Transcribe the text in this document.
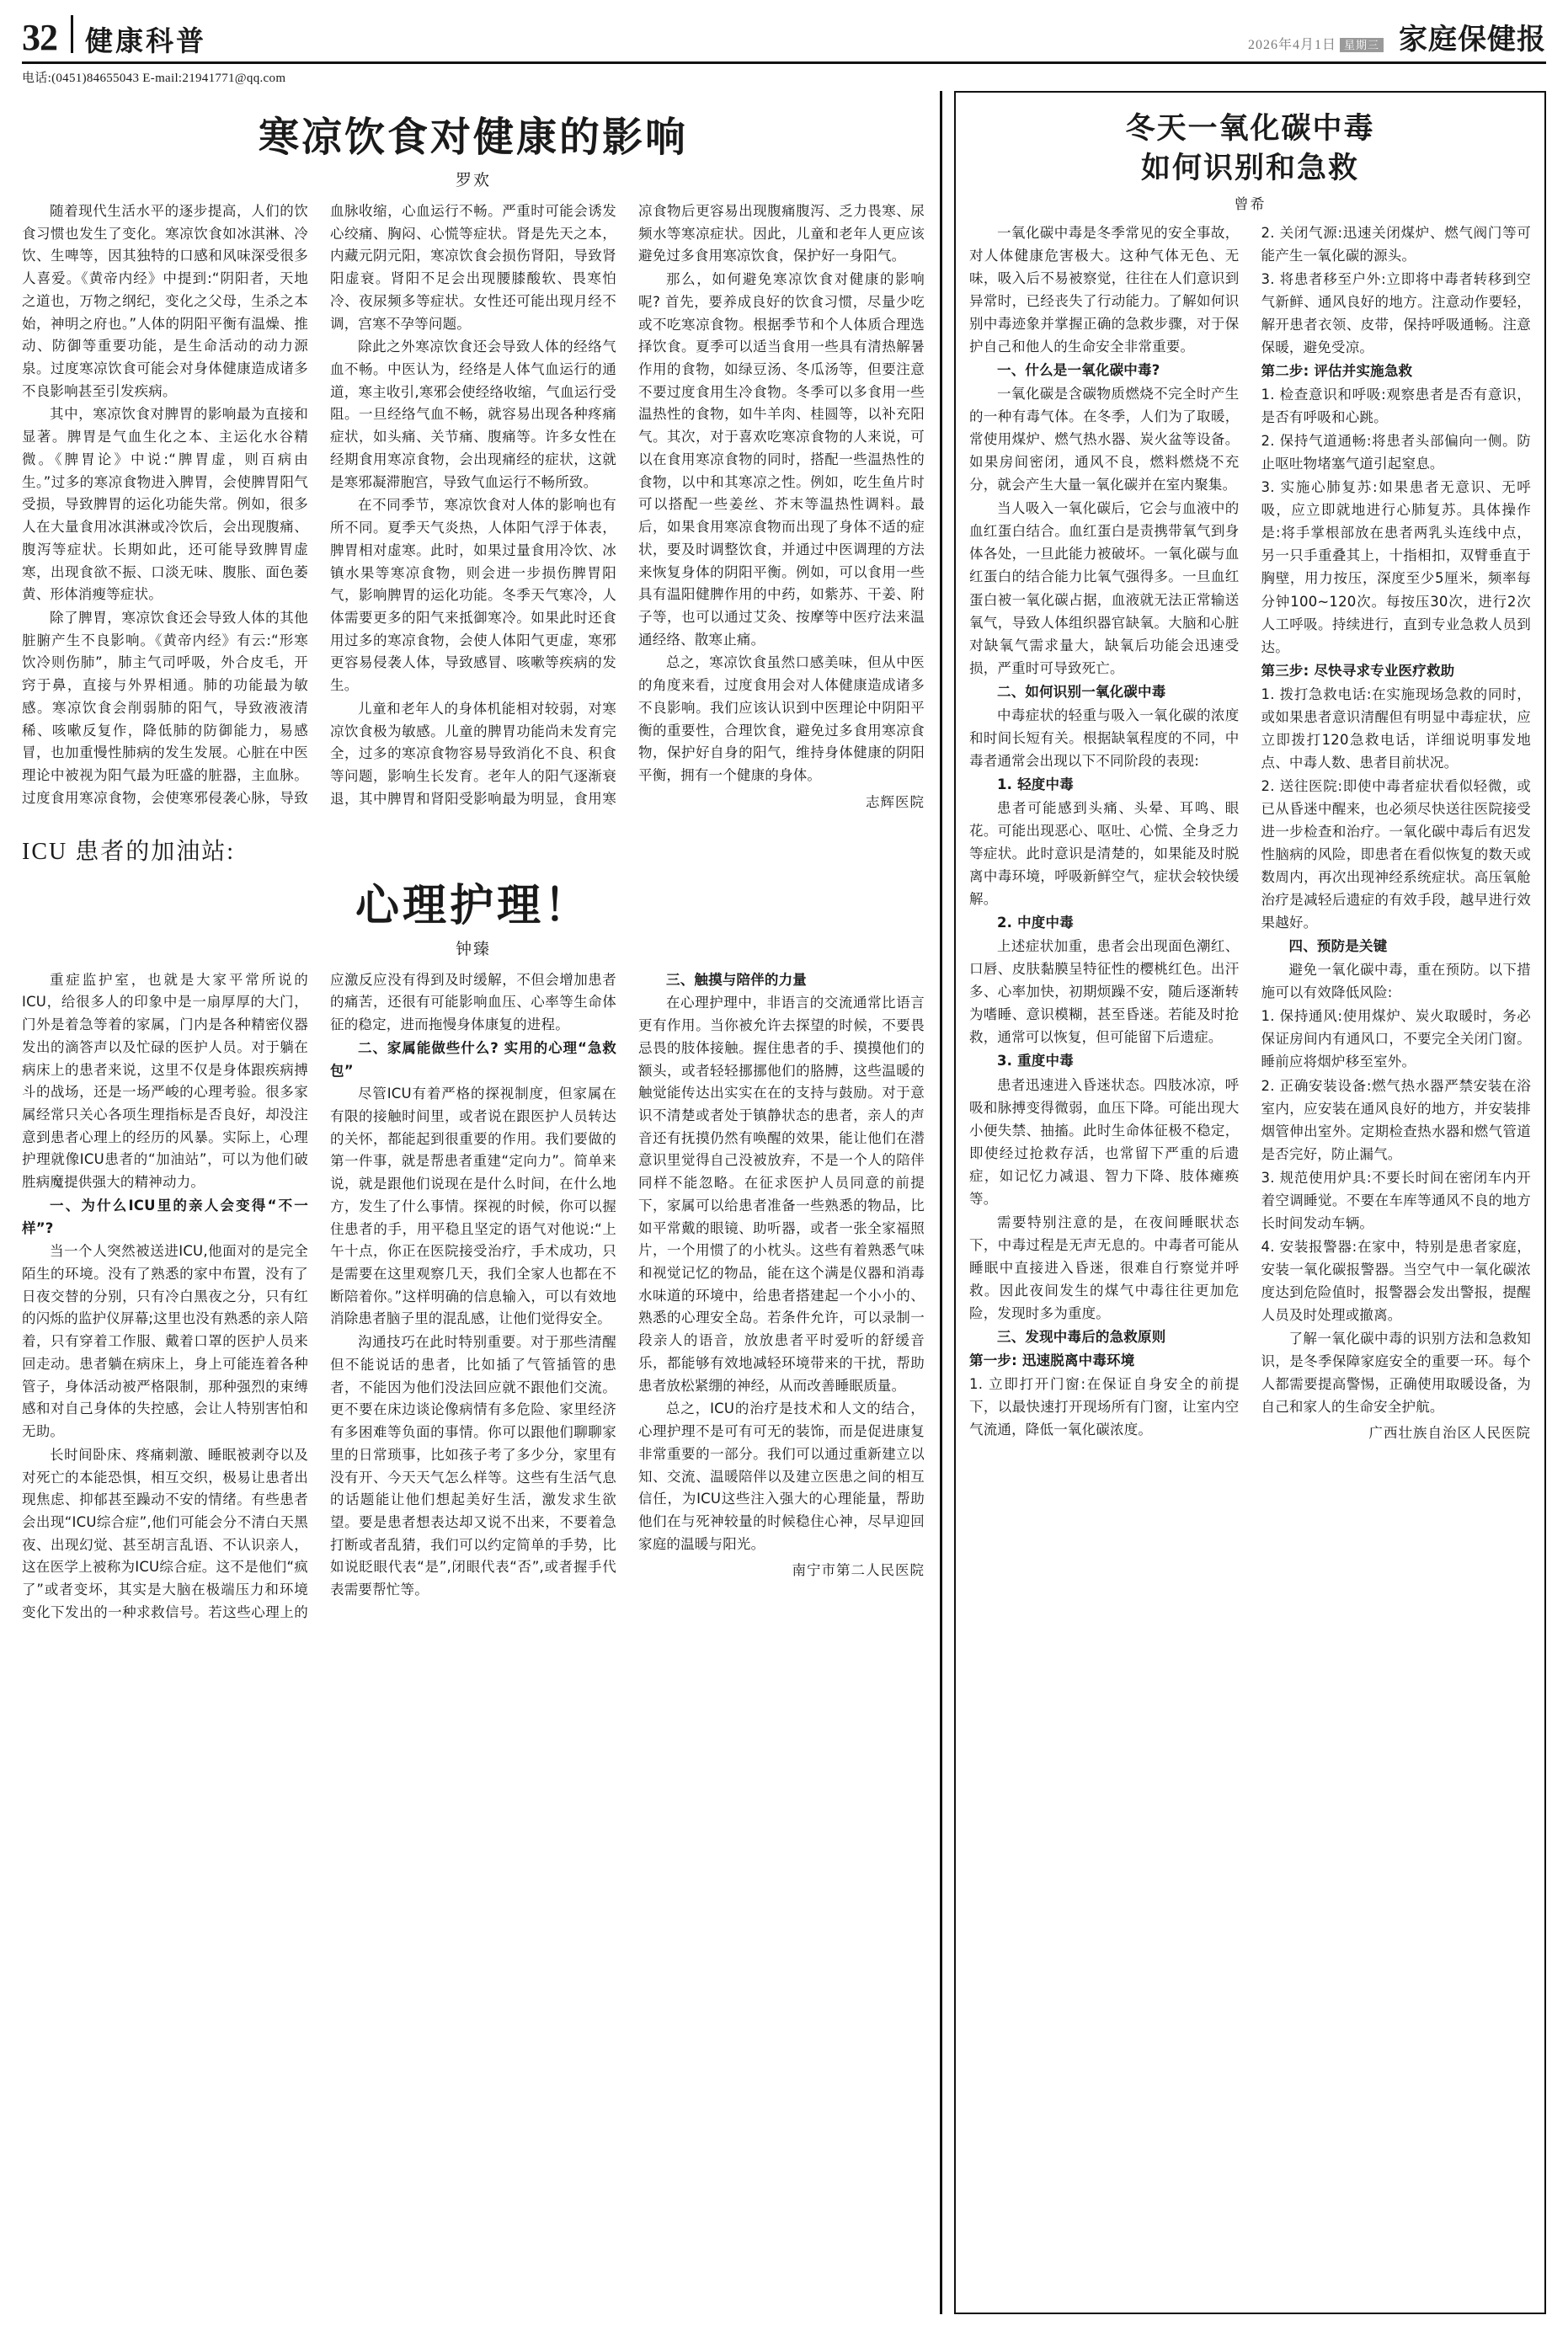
32	健康科普	2026年4月1日 星期三 家庭保健报
电话:(0451)84655043 E-mail:21941771@qq.com
寒凉饮食对健康的影响
罗欢

随着现代生活水平的逐步提高，人们的饮食习惯也发生了变化。寒凉饮食如冰淇淋、冷饮、生啤等，因其独特的口感和风味深受很多人喜爱。《黄帝内经》中提到:“阴阳者，天地之道也，万物之纲纪，变化之父母，生杀之本始，神明之府也。”人体的阴阳平衡有温燥、推动、防御等重要功能，是生命活动的动力源泉。过度寒凉饮食可能会对身体健康造成诸多不良影响甚至引发疾病。

其中，寒凉饮食对脾胃的影响最为直接和显著。脾胃是气血生化之本、主运化水谷精微。《脾胃论》中说:“脾胃虚，则百病由生。”过多的寒凉食物进入脾胃，会使脾胃阳气受损，导致脾胃的运化功能失常。例如，很多人在大量食用冰淇淋或冷饮后，会出现腹痛、腹泻等症状。长期如此，还可能导致脾胃虚寒，出现食欲不振、口淡无味、腹胀、面色萎黄、形体消瘦等症状。

除了脾胃，寒凉饮食还会导致人体的其他脏腑产生不良影响。《黄帝内经》有云:“形寒饮冷则伤肺”，肺主气司呼吸，外合皮毛，开窍于鼻，直接与外界相通。肺的功能最为敏感。寒凉饮食会削弱肺的阳气，导致液液清稀、咳嗽反复作，降低肺的防御能力，易感冒，也加重慢性肺病的发生发展。心脏在中医理论中被视为阳气最为旺盛的脏器，主血脉。过度食用寒凉食物，会使寒邪侵袭心脉，导致血脉收缩，心血运行不畅。严重时可能会诱发心绞痛、胸闷、心慌等症状。肾是先天之本，内藏元阴元阳，寒凉饮食会损伤肾阳，导致肾阳虚衰。肾阳不足会出现腰膝酸软、畏寒怕冷、夜尿频多等症状。女性还可能出现月经不调，宫寒不孕等问题。

除此之外寒凉饮食还会导致人体的经络气血不畅。中医认为，经络是人体气血运行的通道，寒主收引,寒邪会使经络收缩，气血运行受阻。一旦经络气血不畅，就容易出现各种疼痛症状，如头痛、关节痛、腹痛等。许多女性在经期食用寒凉食物，会出现痛经的症状，这就是寒邪凝滞胞宫，导致气血运行不畅所致。

在不同季节，寒凉饮食对人体的影响也有所不同。夏季天气炎热，人体阳气浮于体表，脾胃相对虚寒。此时，如果过量食用冷饮、冰镇水果等寒凉食物，则会进一步损伤脾胃阳气，影响脾胃的运化功能。冬季天气寒冷，人体需要更多的阳气来抵御寒冷。如果此时还食用过多的寒凉食物，会使人体阳气更虚，寒邪更容易侵袭人体，导致感冒、咳嗽等疾病的发生。

儿童和老年人的身体机能相对较弱，对寒凉饮食极为敏感。儿童的脾胃功能尚未发育完全，过多的寒凉食物容易导致消化不良、积食等问题，影响生长发育。老年人的阳气逐渐衰退，其中脾胃和肾阳受影响最为明显，食用寒凉食物后更容易出现腹痛腹泻、乏力畏寒、尿频水等寒凉症状。因此，儿童和老年人更应该避免过多食用寒凉饮食，保护好一身阳气。

那么，如何避免寒凉饮食对健康的影响呢? 首先，要养成良好的饮食习惯，尽量少吃或不吃寒凉食物。根据季节和个人体质合理选择饮食。夏季可以适当食用一些具有清热解暑作用的食物，如绿豆汤、冬瓜汤等，但要注意不要过度食用生冷食物。冬季可以多食用一些温热性的食物，如牛羊肉、桂圆等，以补充阳气。其次，对于喜欢吃寒凉食物的人来说，可以在食用寒凉食物的同时，搭配一些温热性的食物，以中和其寒凉之性。例如，吃生鱼片时可以搭配一些姜丝、芥末等温热性调料。最后，如果食用寒凉食物而出现了身体不适的症状，要及时调整饮食，并通过中医调理的方法来恢复身体的阴阳平衡。例如，可以食用一些具有温阳健脾作用的中药，如紫苏、干姜、附子等，也可以通过艾灸、按摩等中医疗法来温通经络、散寒止痛。

总之，寒凉饮食虽然口感美味，但从中医的角度来看，过度食用会对人体健康造成诸多不良影响。我们应该认识到中医理论中阴阳平衡的重要性，合理饮食，避免过多食用寒凉食物，保护好自身的阳气，维持身体健康的阴阳平衡，拥有一个健康的身体。

志辉医院
ICU 患者的加油站:
心理护理！
钟臻

重症监护室，也就是大家平常所说的ICU，给很多人的印象中是一扇厚厚的大门，门外是着急等着的家属，门内是各种精密仪器发出的滴答声以及忙碌的医护人员。对于躺在病床上的患者来说，这里不仅是身体跟疾病搏斗的战场，还是一场严峻的心理考验。很多家属经常只关心各项生理指标是否良好，却没注意到患者心理上的经历的风暴。实际上，心理护理就像ICU患者的“加油站”，可以为他们破胜病魔提供强大的精神动力。

一、为什么ICU里的亲人会变得“不一样”?

当一个人突然被送进ICU,他面对的是完全陌生的环境。没有了熟悉的家中布置，没有了日夜交替的分别，只有冷白黑夜之分，只有红的闪烁的监护仪屏幕;这里也没有熟悉的亲人陪着，只有穿着工作服、戴着口罩的医护人员来回走动。患者躺在病床上，身上可能连着各种管子，身体活动被严格限制，那种强烈的束缚感和对自己身体的失控感，会让人特别害怕和无助。

长时间卧床、疼痛刺激、睡眠被剥夺以及对死亡的本能恐惧，相互交织，极易让患者出现焦虑、抑郁甚至躁动不安的情绪。有些患者会出现“ICU综合症”,他们可能会分不清白天黑夜、出现幻觉、甚至胡言乱语、不认识亲人，这在医学上被称为ICU综合症。这不是他们“疯了”或者变坏，其实是大脑在极端压力和环境变化下发出的一种求救信号。若这些心理上的应激反应没有得到及时缓解，不但会增加患者的痛苦，还很有可能影响血压、心率等生命体征的稳定，进而拖慢身体康复的进程。

二、家属能做些什么? 实用的心理“急救包”

尽管ICU有着严格的探视制度，但家属在有限的接触时间里，或者说在跟医护人员转达的关怀，都能起到很重要的作用。我们要做的第一件事，就是帮患者重建“定向力”。简单来说，就是跟他们说现在是什么时间，在什么地方，发生了什么事情。探视的时候，你可以握住患者的手，用平稳且坚定的语气对他说:“上午十点，你正在医院接受治疗，手术成功，只是需要在这里观察几天，我们全家人也都在不断陪着你。”这样明确的信息输入，可以有效地消除患者脑子里的混乱感，让他们觉得安全。

沟通技巧在此时特别重要。对于那些清醒但不能说话的患者，比如插了气管插管的患者，不能因为他们没法回应就不跟他们交流。更不要在床边谈论像病情有多危险、家里经济有多困难等负面的事情。你可以跟他们聊聊家里的日常琐事，比如孩子考了多少分，家里有没有开、今天天气怎么样等。这些有生活气息的话题能让他们想起美好生活，激发求生欲望。要是患者想表达却又说不出来，不要着急打断或者乱猜，我们可以约定简单的手势，比如说眨眼代表“是”,闭眼代表“否”,或者握手代表需要帮忙等。

三、触摸与陪伴的力量

在心理护理中，非语言的交流通常比语言更有作用。当你被允许去探望的时候，不要畏忌畏的肢体接触。握住患者的手、摸摸他们的额头，或者轻轻挪挪他们的胳膊，这些温暖的触觉能传达出实实在在的支持与鼓励。对于意识不清楚或者处于镇静状态的患者，亲人的声音还有抚摸仍然有唤醒的效果，能让他们在潜意识里觉得自己没被放弃，不是一个人的陪伴同样不能忽略。在征求医护人员同意的前提下，家属可以给患者准备一些熟悉的物品，比如平常戴的眼镜、助听器，或者一张全家福照片，一个用惯了的小枕头。这些有着熟悉气味和视觉记忆的物品，能在这个满是仪器和消毒水味道的环境中，给患者搭建起一个小小的、熟悉的心理安全岛。若条件允许，可以录制一段亲人的语音，放放患者平时爱听的舒缓音乐，都能够有效地减轻环境带来的干扰，帮助患者放松紧绷的神经，从而改善睡眠质量。

总之，ICU的治疗是技术和人文的结合，心理护理不是可有可无的装饰，而是促进康复非常重要的一部分。我们可以通过重新建立以知、交流、温暖陪伴以及建立医患之间的相互信任，为ICU这些注入强大的心理能量，帮助他们在与死神较量的时候稳住心神，尽早迎回家庭的温暖与阳光。

南宁市第二人民医院
冬天一氧化碳中毒
如何识别和急救
曾希

一氧化碳中毒是冬季常见的安全事故，对人体健康危害极大。这种气体无色、无味，吸入后不易被察觉，往往在人们意识到异常时，已经丧失了行动能力。了解如何识别中毒迹象并掌握正确的急救步骤，对于保护自己和他人的生命安全非常重要。

一、什么是一氧化碳中毒?

一氧化碳是含碳物质燃烧不完全时产生的一种有毒气体。在冬季，人们为了取暖，常使用煤炉、燃气热水器、炭火盆等设备。如果房间密闭，通风不良，燃料燃烧不充分，就会产生大量一氧化碳并在室内聚集。

当人吸入一氧化碳后，它会与血液中的血红蛋白结合。血红蛋白是责携带氧气到身体各处，一旦此能力被破坏。一氧化碳与血红蛋白的结合能力比氧气强得多。一旦血红蛋白被一氧化碳占据，血液就无法正常输送氧气，导致人体组织器官缺氧。大脑和心脏对缺氧气需求量大，缺氧后功能会迅速受损，严重时可导致死亡。

二、如何识别一氧化碳中毒

中毒症状的轻重与吸入一氧化碳的浓度和时间长短有关。根据缺氧程度的不同，中毒者通常会出现以下不同阶段的表现:

1. 轻度中毒

患者可能感到头痛、头晕、耳鸣、眼花。可能出现恶心、呕吐、心慌、全身乏力等症状。此时意识是清楚的，如果能及时脱离中毒环境，呼吸新鲜空气，症状会较快缓解。

2. 中度中毒

上述症状加重，患者会出现面色潮红、口唇、皮肤黏膜呈特征性的樱桃红色。出汗多、心率加快，初期烦躁不安，随后逐渐转为嗜睡、意识模糊，甚至昏迷。若能及时抢救，通常可以恢复，但可能留下后遗症。

3. 重度中毒

患者迅速进入昏迷状态。四肢冰凉，呼吸和脉搏变得微弱，血压下降。可能出现大小便失禁、抽搐。此时生命体征极不稳定，即使经过抢救存活，也常留下严重的后遗症，如记忆力减退、智力下降、肢体瘫痪等。

需要特别注意的是，在夜间睡眠状态下，中毒过程是无声无息的。中毒者可能从睡眠中直接进入昏迷，很难自行察觉并呼救。因此夜间发生的煤气中毒往往更加危险，发现时多为重度。

三、发现中毒后的急救原则

第一步: 迅速脱离中毒环境

1. 立即打开门窗:在保证自身安全的前提下，以最快速打开现场所有门窗，让室内空气流通，降低一氧化碳浓度。

2. 关闭气源:迅速关闭煤炉、燃气阀门等可能产生一氧化碳的源头。

3. 将患者移至户外:立即将中毒者转移到空气新鲜、通风良好的地方。注意动作要轻，解开患者衣领、皮带，保持呼吸通畅。注意保暖，避免受凉。

第二步: 评估并实施急救

1. 检查意识和呼吸:观察患者是否有意识，是否有呼吸和心跳。

2. 保持气道通畅:将患者头部偏向一侧。防止呕吐物堵塞气道引起窒息。

3. 实施心肺复苏:如果患者无意识、无呼吸，应立即就地进行心肺复苏。具体操作是:将手掌根部放在患者两乳头连线中点，另一只手重叠其上，十指相扣，双臂垂直于胸壁，用力按压，深度至少5厘米，频率每分钟100~120次。每按压30次，进行2次人工呼吸。持续进行，直到专业急救人员到达。

第三步: 尽快寻求专业医疗救助

1. 拨打急救电话:在实施现场急救的同时，或如果患者意识清醒但有明显中毒症状，应立即拨打120急救电话，详细说明事发地点、中毒人数、患者目前状况。

2. 送往医院:即使中毒者症状看似轻微，或已从昏迷中醒来，也必须尽快送往医院接受进一步检查和治疗。一氧化碳中毒后有迟发性脑病的风险，即患者在看似恢复的数天或数周内，再次出现神经系统症状。高压氧舱治疗是减轻后遗症的有效手段，越早进行效果越好。

四、预防是关键

避免一氧化碳中毒，重在预防。以下措施可以有效降低风险:

1. 保持通风:使用煤炉、炭火取暖时，务必保证房间内有通风口，不要完全关闭门窗。睡前应将烟炉移至室外。

2. 正确安装设备:燃气热水器严禁安装在浴室内，应安装在通风良好的地方，并安装排烟管伸出室外。定期检查热水器和燃气管道是否完好，防止漏气。

3. 规范使用炉具:不要长时间在密闭车内开着空调睡觉。不要在车库等通风不良的地方长时间发动车辆。

4. 安装报警器:在家中，特别是患者家庭，安装一氧化碳报警器。当空气中一氧化碳浓度达到危险值时，报警器会发出警报，提醒人员及时处理或撤离。

了解一氧化碳中毒的识别方法和急救知识，是冬季保障家庭安全的重要一环。每个人都需要提高警惕，正确使用取暖设备，为自己和家人的生命安全护航。

广西壮族自治区人民医院
